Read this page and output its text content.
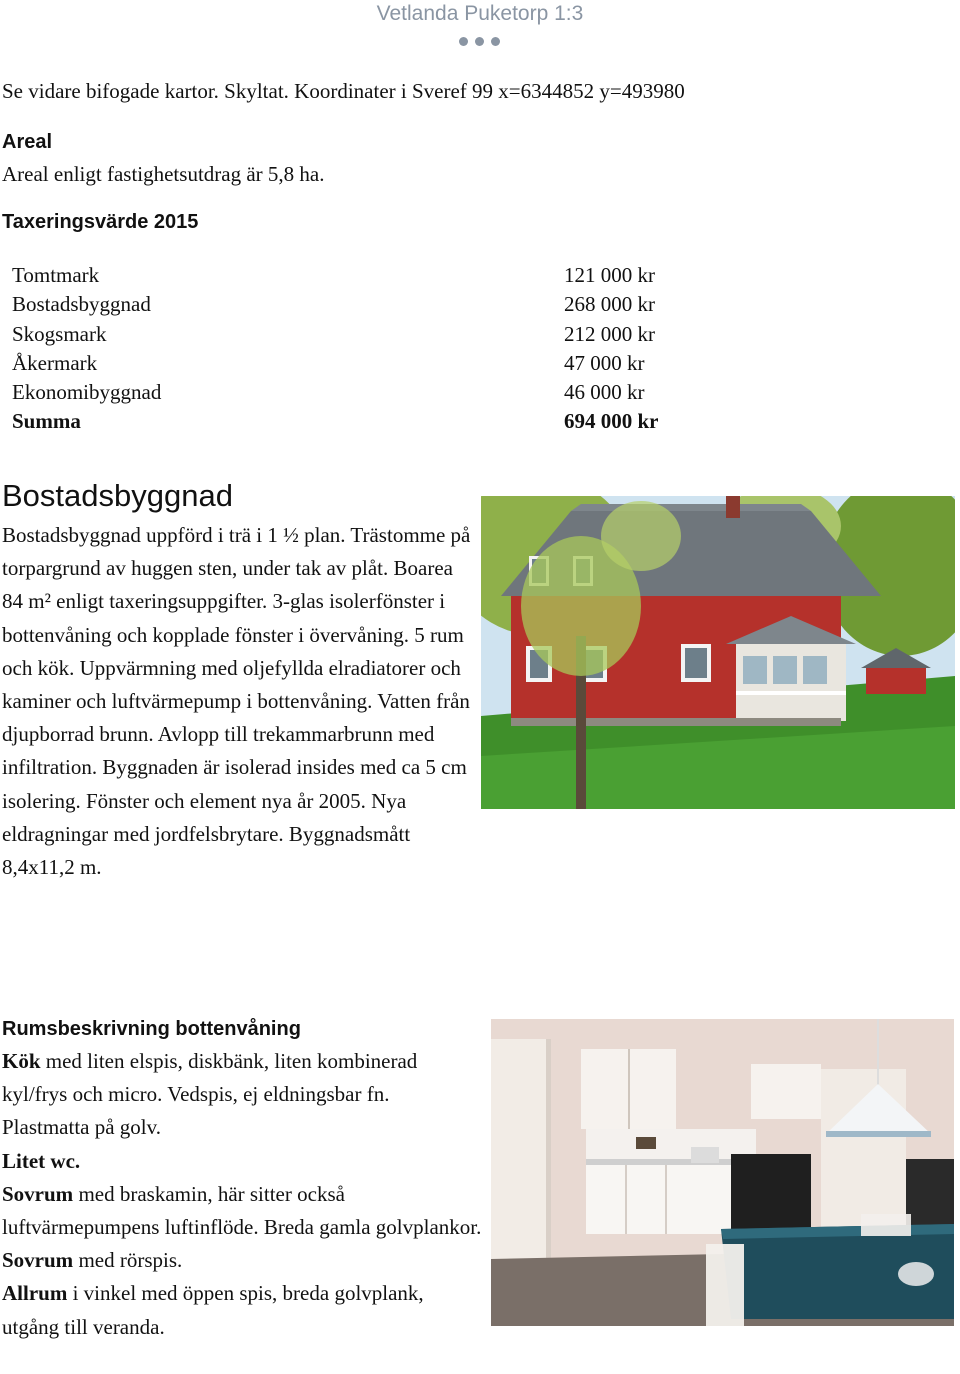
Vetlanda Puketorp 1:3
Se vidare bifogade kartor. Skyltat. Koordinater i Sveref 99 x=6344852 y=493980
Areal
Areal enligt fastighetsutdrag är 5,8 ha.
Taxeringsvärde 2015
Tomtmark
Bostadsbyggnad
Skogsmark
Åkermark
Ekonomibyggnad
Summa
121 000 kr
268 000 kr
212 000 kr
47 000 kr
46 000 kr
694 000 kr
Bostadsbyggnad
Bostadsbyggnad uppförd i trä i 1 ½ plan. Trästomme på torpargrund av huggen sten, under tak av plåt. Boarea 84 m² enligt taxeringsuppgifter. 3-glas isolerfönster i bottenvåning och kopplade fönster i övervåning. 5 rum och kök. Uppvärmning med oljefyllda elradiatorer och kaminer och luftvärmepump i bottenvåning. Vatten från djupborrad brunn. Avlopp till trekammarbrunn med infiltration. Byggnaden är isolerad insides med ca 5 cm isolering. Fönster och element nya år 2005. Nya eldragningar med jordfelsbrytare. Byggnadsmått 8,4x11,2 m.
Rumsbeskrivning bottenvåning
Kök med liten elspis, diskbänk, liten kombinerad kyl/frys och micro. Vedspis, ej eldningsbar fn. Plastmatta på golv.
Litet wc.
Sovrum med braskamin, här sitter också luftvärmepumpens luftinflöde. Breda gamla golvplankor.
Sovrum med rörspis.
Allrum i vinkel med öppen spis, breda golvplank, utgång till veranda.
